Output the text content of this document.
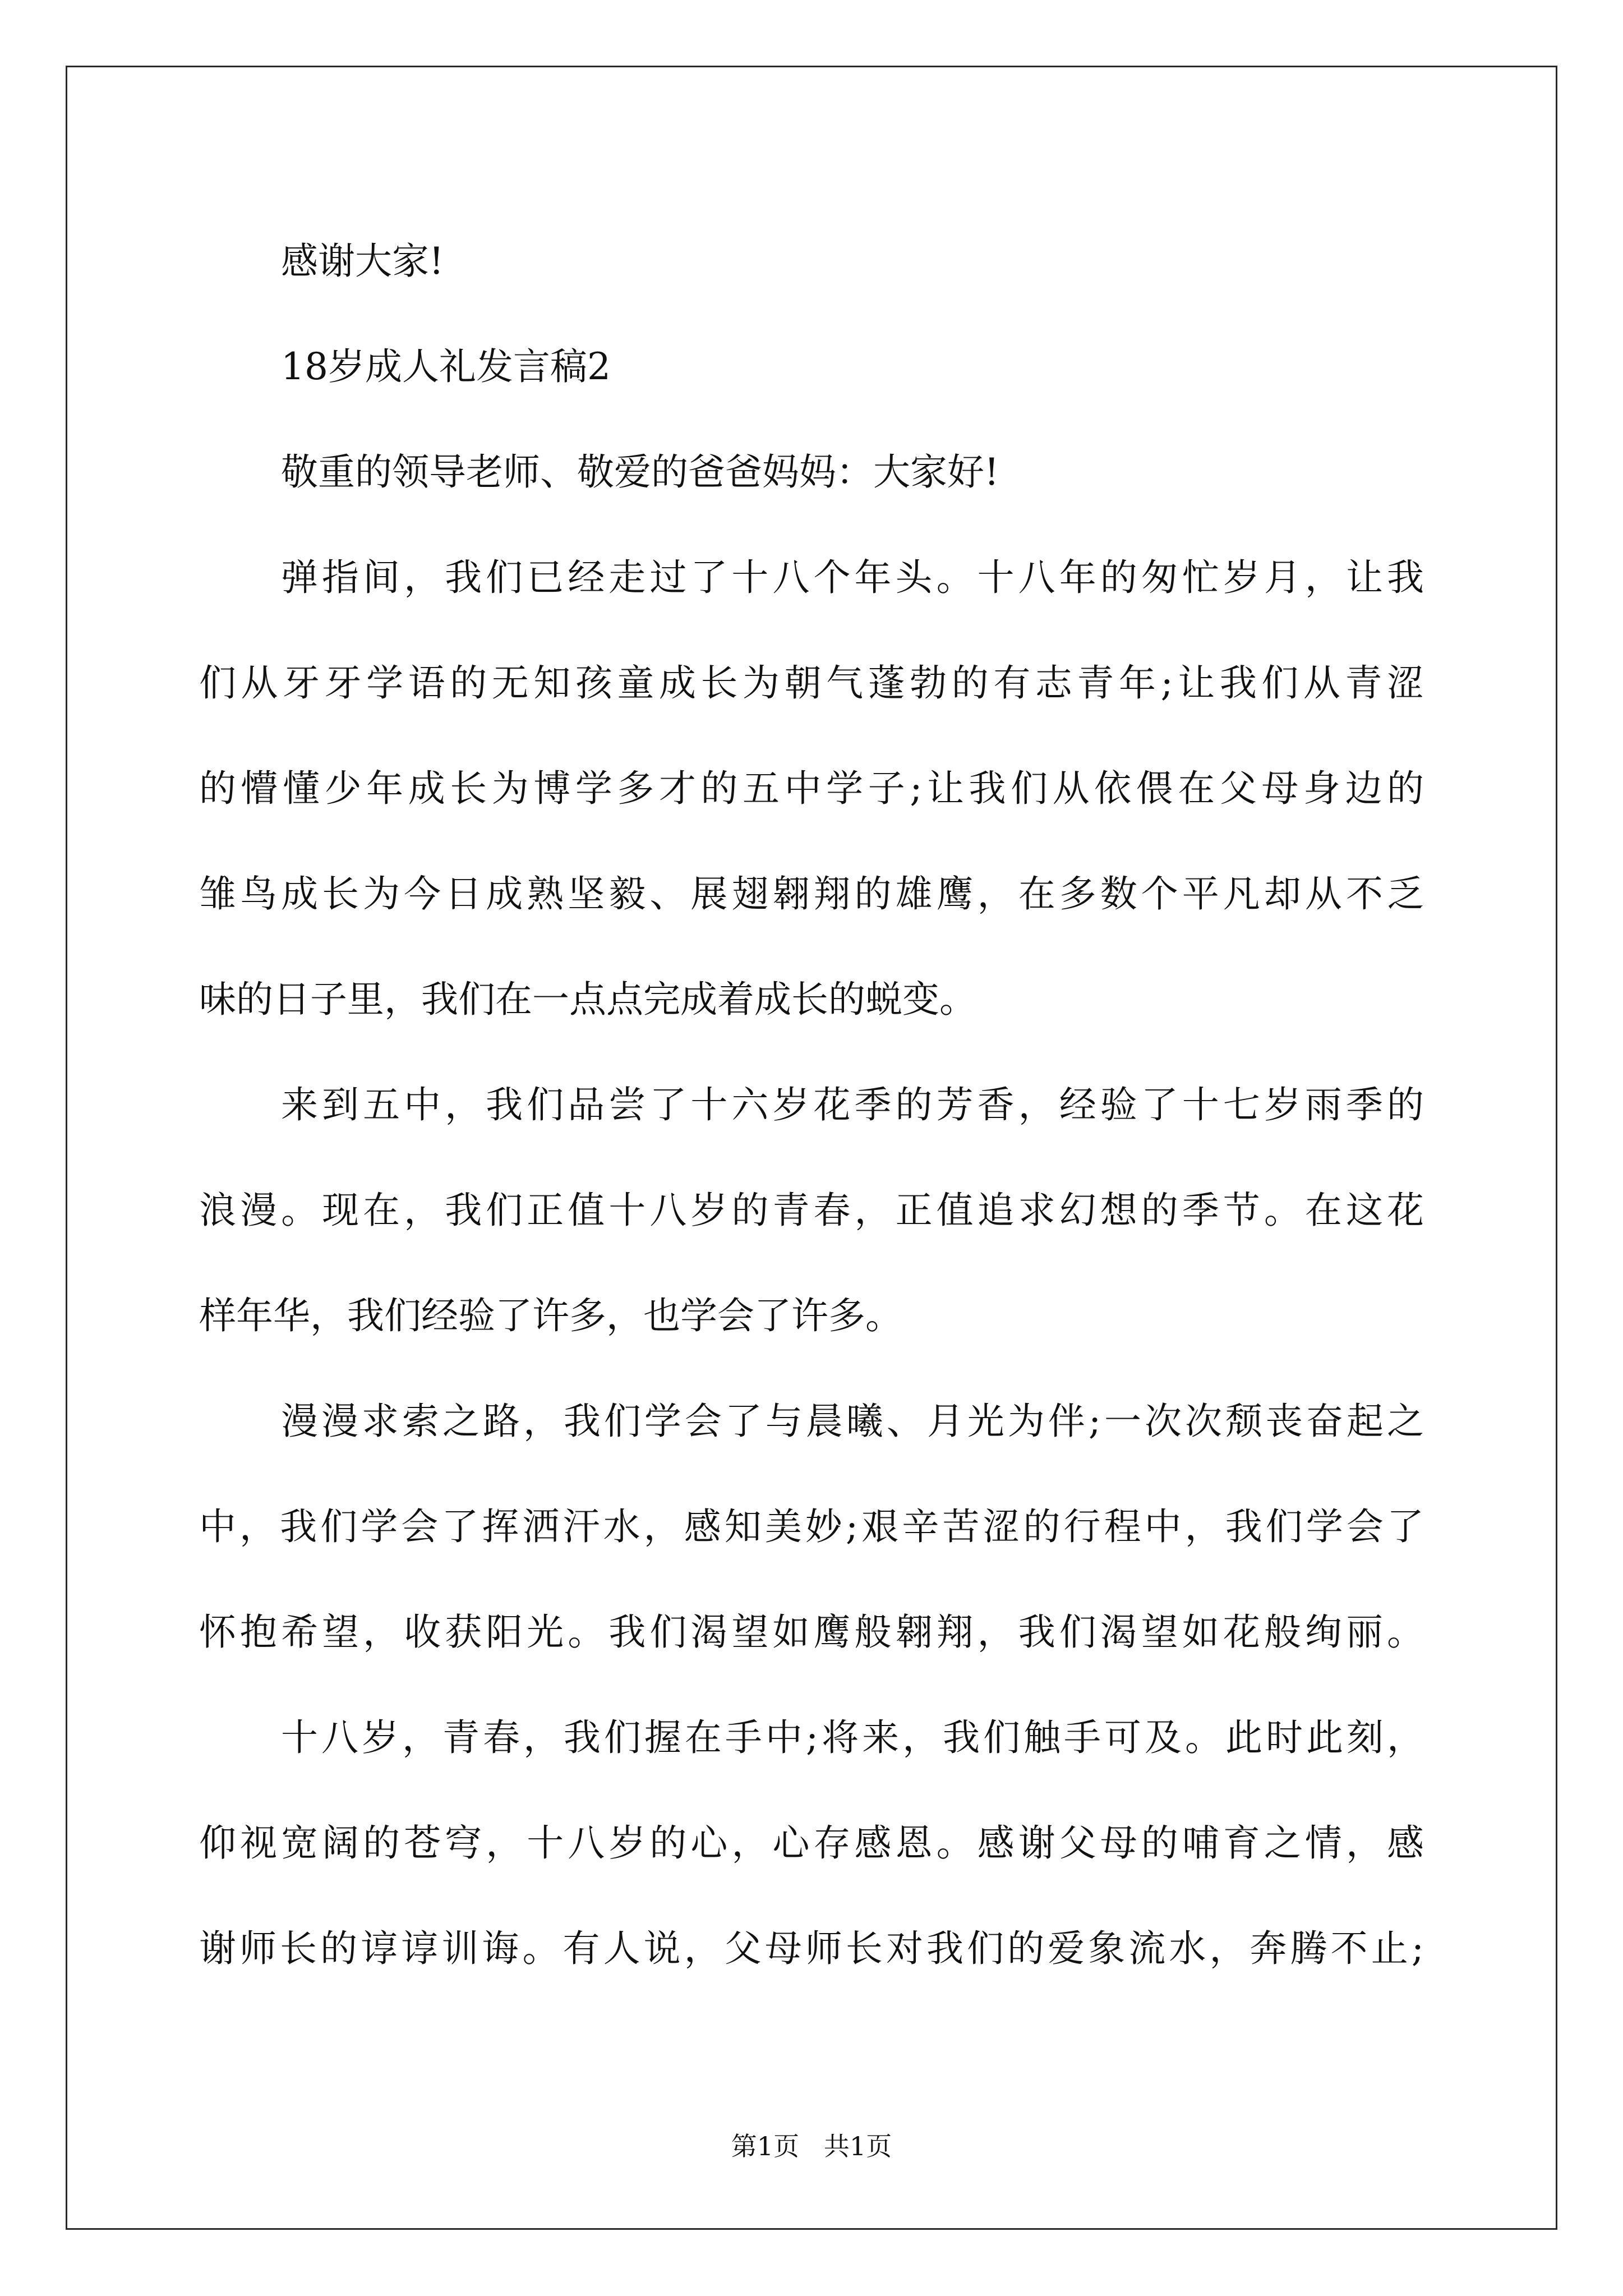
感谢大家!
18岁成人礼发言稿2
敬重的领导老师、敬爱的爸爸妈妈：大家好!
弹指间，我们已经走过了十八个年头。十八年的匆忙岁月，让我
们从牙牙学语的无知孩童成长为朝气蓬勃的有志青年;让我们从青涩
的懵懂少年成长为博学多才的五中学子;让我们从依偎在父母身边的
雏鸟成长为今日成熟坚毅、展翅翱翔的雄鹰，在多数个平凡却从不乏
味的日子里，我们在一点点完成着成长的蜕变。
来到五中，我们品尝了十六岁花季的芳香，经验了十七岁雨季的
浪漫。现在，我们正值十八岁的青春，正值追求幻想的季节。在这花
样年华，我们经验了许多，也学会了许多。
漫漫求索之路，我们学会了与晨曦、月光为伴;一次次颓丧奋起之
中，我们学会了挥洒汗水，感知美妙;艰辛苦涩的行程中，我们学会了
怀抱希望，收获阳光。我们渴望如鹰般翱翔，我们渴望如花般绚丽。
十八岁，青春，我们握在手中;将来，我们触手可及。此时此刻，
仰视宽阔的苍穹，十八岁的心，心存感恩。感谢父母的哺育之情，感
谢师长的谆谆训诲。有人说，父母师长对我们的爱象流水，奔腾不止;
第1页   共1页
